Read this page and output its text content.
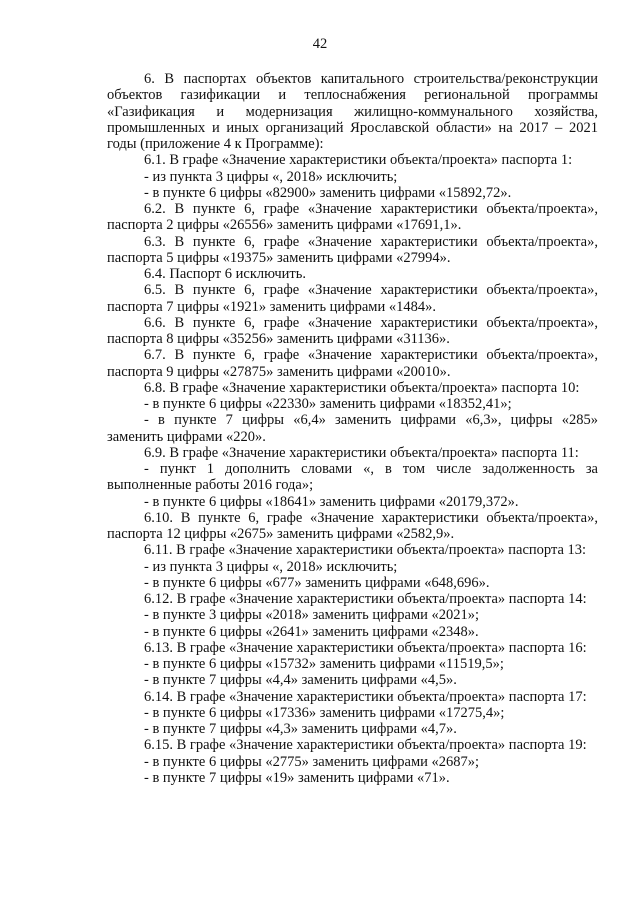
42

6. В паспортах объектов капитального строительства/реконструкции объектов газификации и теплоснабжения региональной программы «Газификация и модернизация жилищно-коммунального хозяйства, промышленных и иных организаций Ярославской области» на 2017 – 2021 годы (приложение 4 к Программе):

6.1. В графе «Значение характеристики объекта/проекта» паспорта 1:

- из пункта 3 цифры «, 2018» исключить;

- в пункте 6 цифры «82900» заменить цифрами «15892,72».

6.2. В пункте 6, графе «Значение характеристики объекта/проекта», паспорта 2 цифры «26556» заменить цифрами «17691,1».

6.3. В пункте 6, графе «Значение характеристики объекта/проекта», паспорта 5 цифры «19375» заменить цифрами «27994».

6.4. Паспорт 6 исключить.

6.5. В пункте 6, графе «Значение характеристики объекта/проекта», паспорта 7 цифры «1921» заменить цифрами «1484».

6.6. В пункте 6, графе «Значение характеристики объекта/проекта», паспорта 8 цифры «35256» заменить цифрами «31136».

6.7. В пункте 6, графе «Значение характеристики объекта/проекта», паспорта 9 цифры «27875» заменить цифрами «20010».

6.8. В графе «Значение характеристики объекта/проекта» паспорта 10:

- в пункте 6 цифры «22330» заменить цифрами «18352,41»;

- в пункте 7 цифры «6,4» заменить цифрами «6,3», цифры «285» заменить цифрами «220».

6.9. В графе «Значение характеристики объекта/проекта» паспорта 11:

- пункт 1 дополнить словами «, в том числе задолженность за выполненные работы 2016 года»;

- в пункте 6 цифры «18641» заменить цифрами «20179,372».

6.10. В пункте 6, графе «Значение характеристики объекта/проекта», паспорта 12 цифры «2675» заменить цифрами «2582,9».

6.11. В графе «Значение характеристики объекта/проекта» паспорта 13:

- из пункта 3 цифры «, 2018» исключить;

- в пункте 6 цифры «677» заменить цифрами «648,696».

6.12. В графе «Значение характеристики объекта/проекта» паспорта 14:

- в пункте 3 цифры «2018» заменить цифрами «2021»;

- в пункте 6 цифры «2641» заменить цифрами «2348».

6.13. В графе «Значение характеристики объекта/проекта» паспорта 16:

- в пункте 6 цифры «15732» заменить цифрами «11519,5»;

- в пункте 7 цифры «4,4» заменить цифрами «4,5».

6.14. В графе «Значение характеристики объекта/проекта» паспорта 17:

- в пункте 6 цифры «17336» заменить цифрами «17275,4»;

- в пункте 7 цифры «4,3» заменить цифрами «4,7».

6.15. В графе «Значение характеристики объекта/проекта» паспорта 19:

- в пункте 6 цифры «2775» заменить цифрами «2687»;

- в пункте 7 цифры «19» заменить цифрами «71».
